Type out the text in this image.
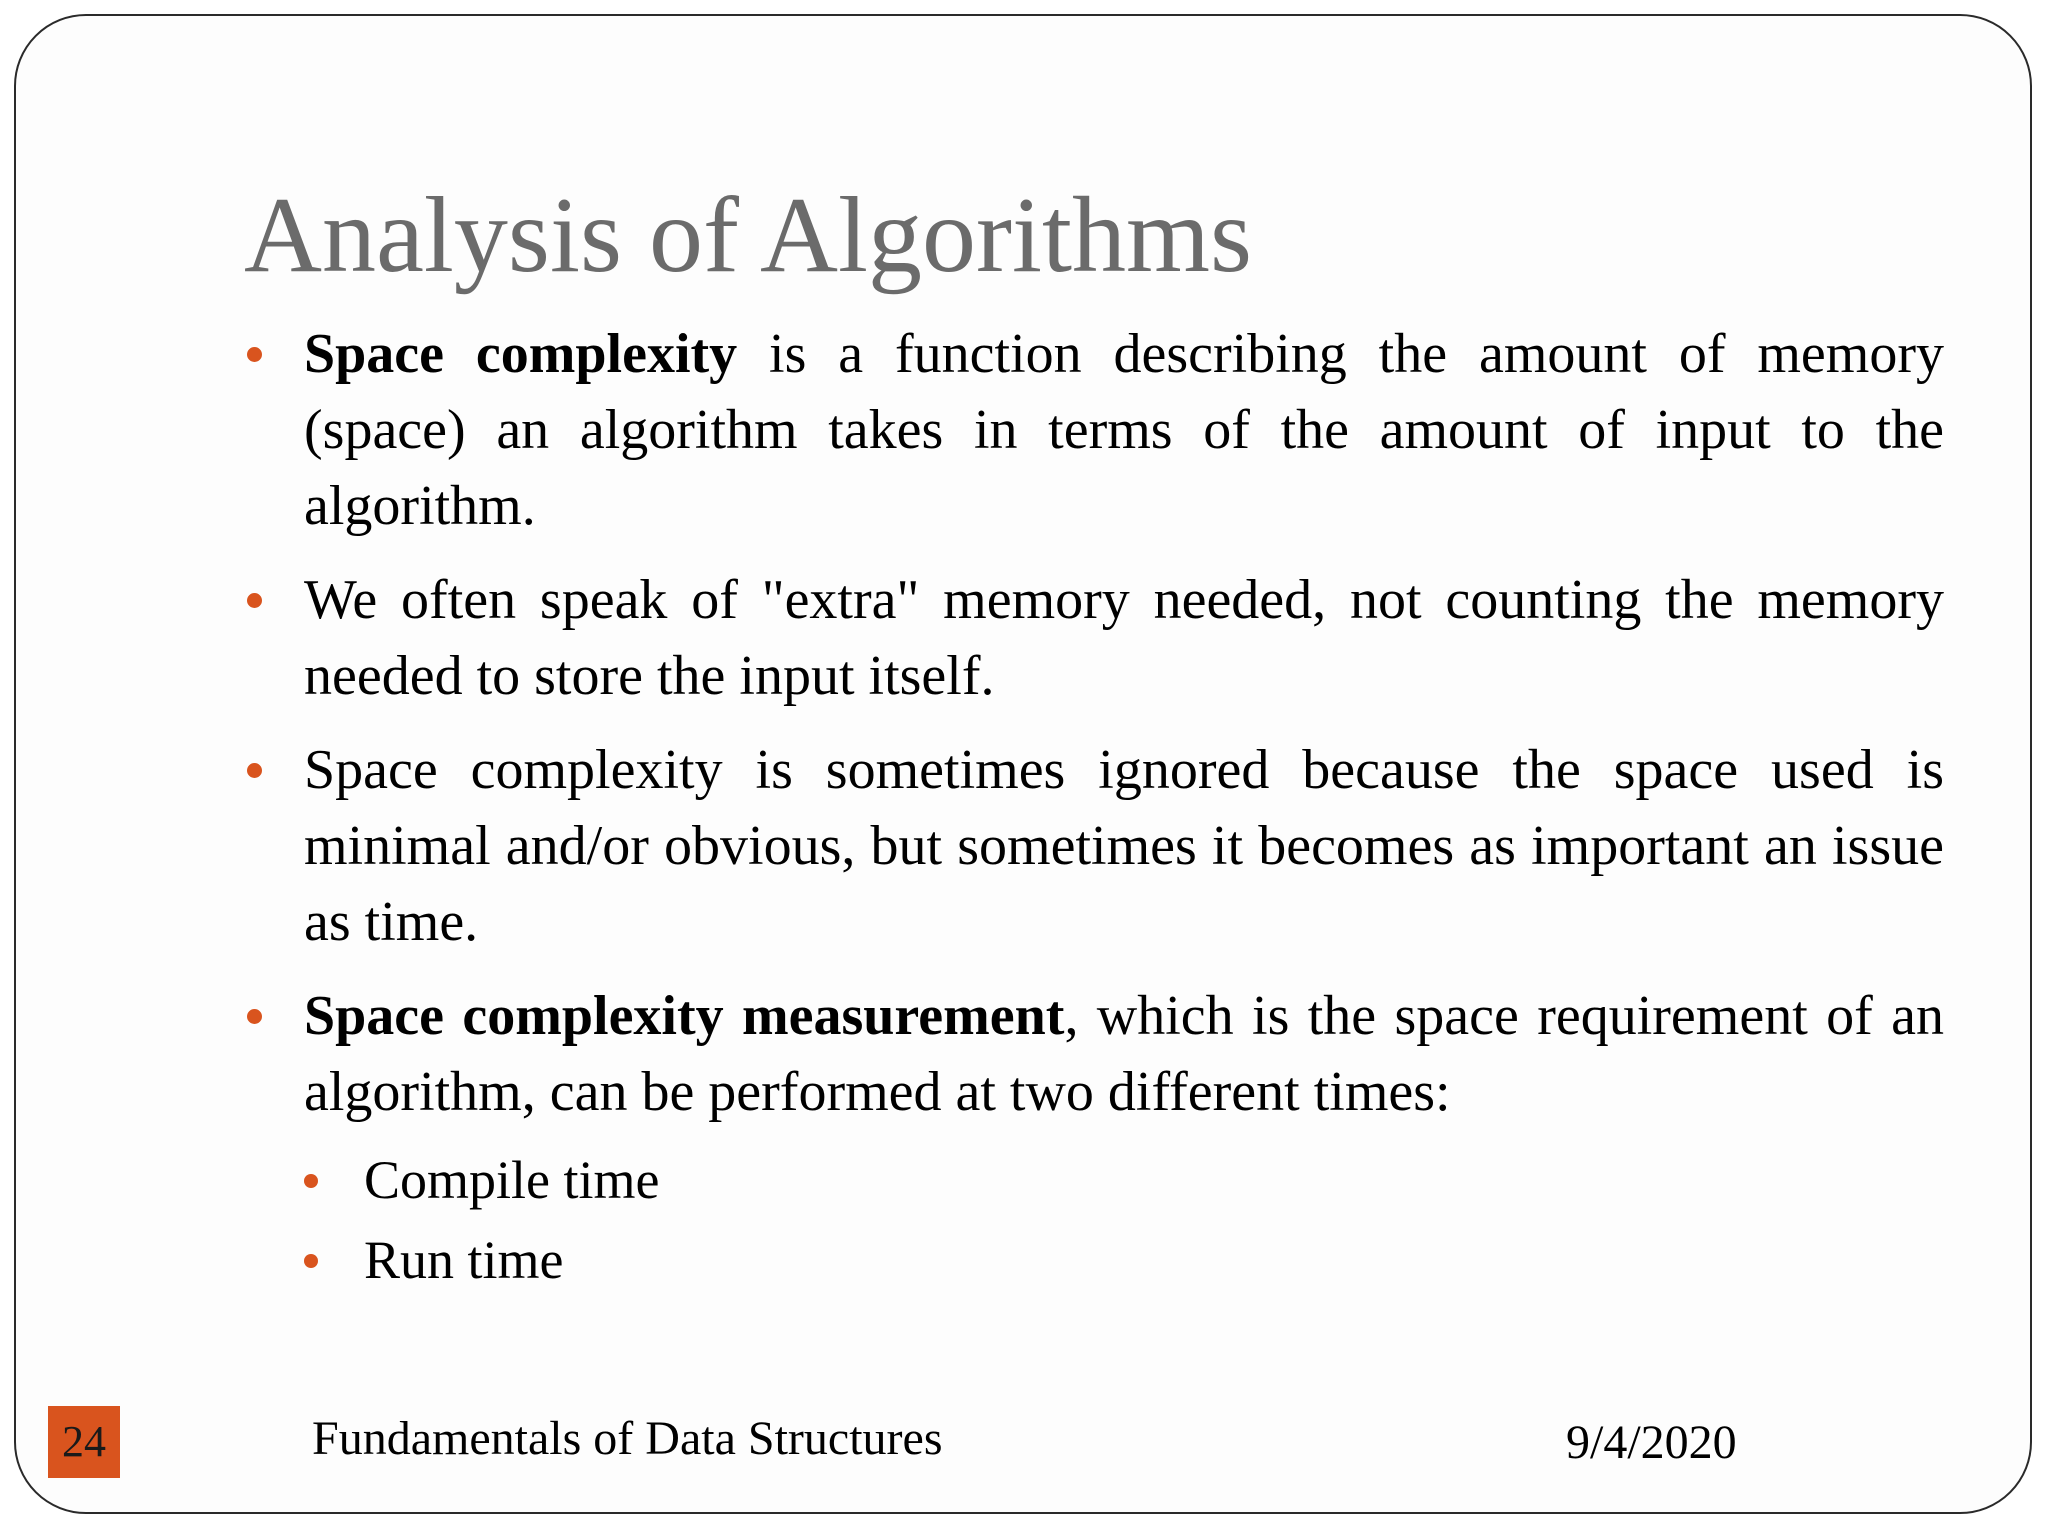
Analysis of Algorithms
Space complexity is a function describing the amount of memory (space) an algorithm takes in terms of the amount of input to the algorithm.
We often speak of "extra" memory needed, not counting the memory needed to store the input itself.
Space complexity is sometimes ignored because the space used is minimal and/or obvious, but sometimes it becomes as important an issue as time.
Space complexity measurement, which is the space requirement of an algorithm, can be performed at two different times:
Compile time
Run time
24	Fundamentals of Data Structures	9/4/2020
